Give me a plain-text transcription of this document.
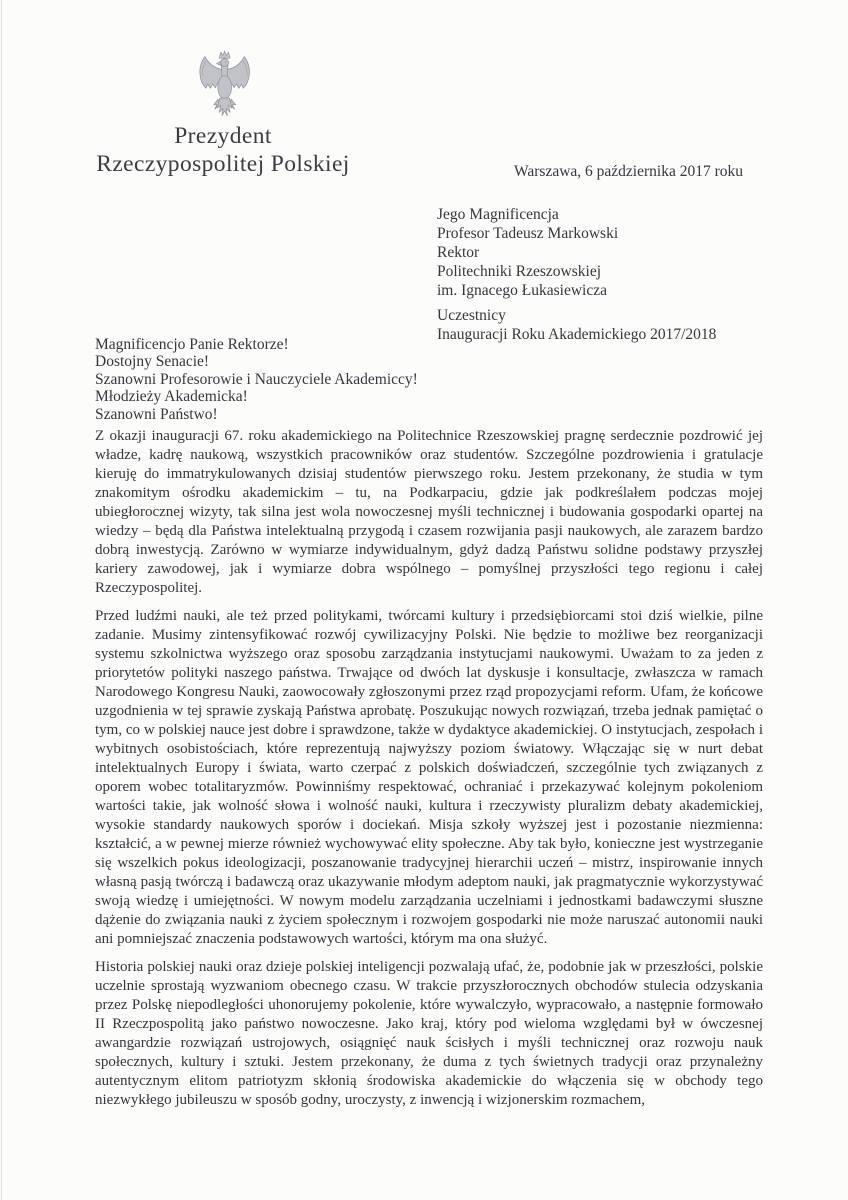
Prezydent
Rzeczypospolitej Polskiej	Warszawa, 6 października 2017 roku
Jego Magnificencja
Profesor Tadeusz Markowski
Rektor
Politechniki Rzeszowskiej
im. Ignacego Łukasiewicza
Uczestnicy
Inauguracji Roku Akademickiego 2017/2018
Magnificencjo Panie Rektorze!
Dostojny Senacie!
Szanowni Profesorowie i Nauczyciele Akademiccy!
Młodzieży Akademicka!
Szanowni Państwo!

Z okazji inauguracji 67. roku akademickiego na Politechnice Rzeszowskiej pragnę serdecznie pozdrowić jej władze, kadrę naukową, wszystkich pracowników oraz studentów. Szczególne pozdrowienia i gratulacje kieruję do immatrykulowanych dzisiaj studentów pierwszego roku. Jestem przekonany, że studia w tym znakomitym ośrodku akademickim – tu, na Podkarpaciu, gdzie jak podkreślałem podczas mojej ubiegłorocznej wizyty, tak silna jest wola nowoczesnej myśli technicznej i budowania gospodarki opartej na wiedzy – będą dla Państwa intelektualną przygodą i czasem rozwijania pasji naukowych, ale zarazem bardzo dobrą inwestycją. Zarówno w wymiarze indywidualnym, gdyż dadzą Państwu solidne podstawy przyszłej kariery zawodowej, jak i wymiarze dobra wspólnego – pomyślnej przyszłości tego regionu i całej Rzeczypospolitej.

Przed ludźmi nauki, ale też przed politykami, twórcami kultury i przedsiębiorcami stoi dziś wielkie, pilne zadanie. Musimy zintensyfikować rozwój cywilizacyjny Polski. Nie będzie to możliwe bez reorganizacji systemu szkolnictwa wyższego oraz sposobu zarządzania instytucjami naukowymi. Uważam to za jeden z priorytetów polityki naszego państwa. Trwające od dwóch lat dyskusje i konsultacje, zwłaszcza w ramach Narodowego Kongresu Nauki, zaowocowały zgłoszonymi przez rząd propozycjami reform. Ufam, że końcowe uzgodnienia w tej sprawie zyskają Państwa aprobatę. Poszukując nowych rozwiązań, trzeba jednak pamiętać o tym, co w polskiej nauce jest dobre i sprawdzone, także w dydaktyce akademickiej. O instytucjach, zespołach i wybitnych osobistościach, które reprezentują najwyższy poziom światowy. Włączając się w nurt debat intelektualnych Europy i świata, warto czerpać z polskich doświadczeń, szczególnie tych związanych z oporem wobec totalitaryzmów. Powinniśmy respektować, ochraniać i przekazywać kolejnym pokoleniom wartości takie, jak wolność słowa i wolność nauki, kultura i rzeczywisty pluralizm debaty akademickiej, wysokie standardy naukowych sporów i dociekań. Misja szkoły wyższej jest i pozostanie niezmienna: kształcić, a w pewnej mierze również wychowywać elity społeczne. Aby tak było, konieczne jest wystrzeganie się wszelkich pokus ideologizacji, poszanowanie tradycyjnej hierarchii uczeń – mistrz, inspirowanie innych własną pasją twórczą i badawczą oraz ukazywanie młodym adeptom nauki, jak pragmatycznie wykorzystywać swoją wiedzę i umiejętności. W nowym modelu zarządzania uczelniami i jednostkami badawczymi słuszne dążenie do związania nauki z życiem społecznym i rozwojem gospodarki nie może naruszać autonomii nauki ani pomniejszać znaczenia podstawowych wartości, którym ma ona służyć.

Historia polskiej nauki oraz dzieje polskiej inteligencji pozwalają ufać, że, podobnie jak w przeszłości, polskie uczelnie sprostają wyzwaniom obecnego czasu. W trakcie przyszłorocznych obchodów stulecia odzyskania przez Polskę niepodległości uhonorujemy pokolenie, które wywalczyło, wypracowało, a następnie formowało II Rzeczpospolitą jako państwo nowoczesne. Jako kraj, który pod wieloma względami był w ówczesnej awangardzie rozwiązań ustrojowych, osiągnięć nauk ścisłych i myśli technicznej oraz rozwoju nauk społecznych, kultury i sztuki. Jestem przekonany, że duma z tych świetnych tradycji oraz przynależny autentycznym elitom patriotyzm skłonią środowiska akademickie do włączenia się w obchody tego niezwykłego jubileuszu w sposób godny, uroczysty, z inwencją i wizjonerskim rozmachem,
